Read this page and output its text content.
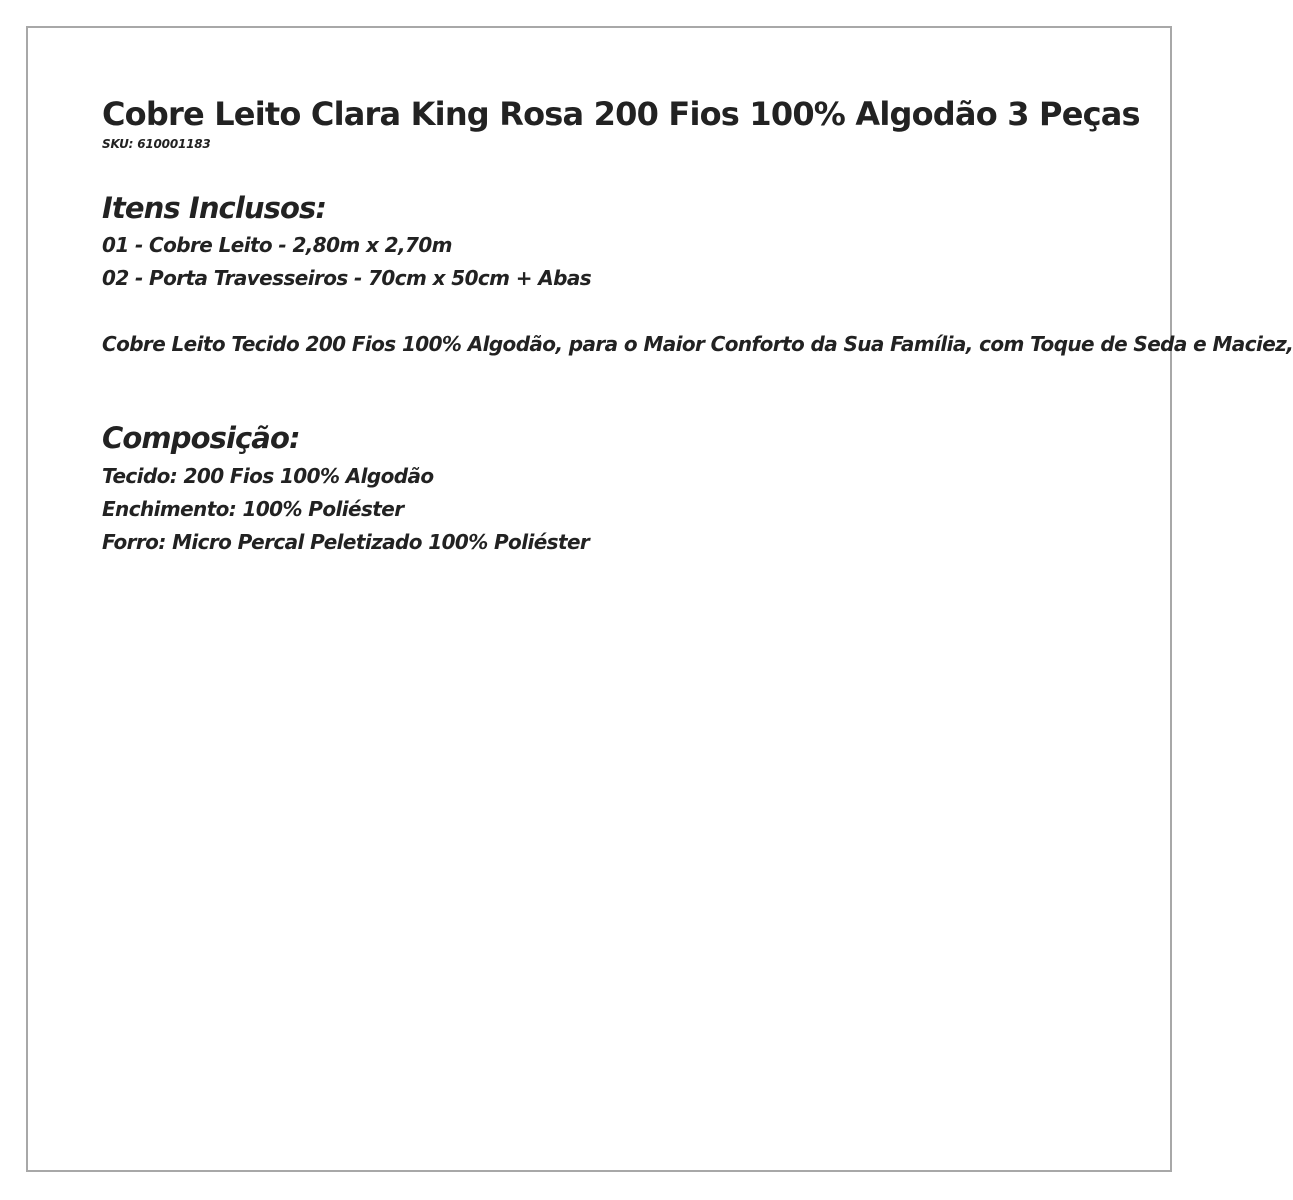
Cobre Leito Clara King Rosa 200 Fios 100% Algodão 3 Peças
SKU: 610001183
Itens Inclusos:
01 - Cobre Leito - 2,80m x 2,70m
02 - Porta Travesseiros - 70cm x 50cm + Abas
Cobre Leito Tecido 200 Fios 100% Algodão, para o Maior Conforto da Sua Família, com Toque de Seda e Maciez,
Composição:
Tecido: 200 Fios 100% Algodão
Enchimento: 100% Poliéster
Forro: Micro Percal Peletizado 100% Poliéster
